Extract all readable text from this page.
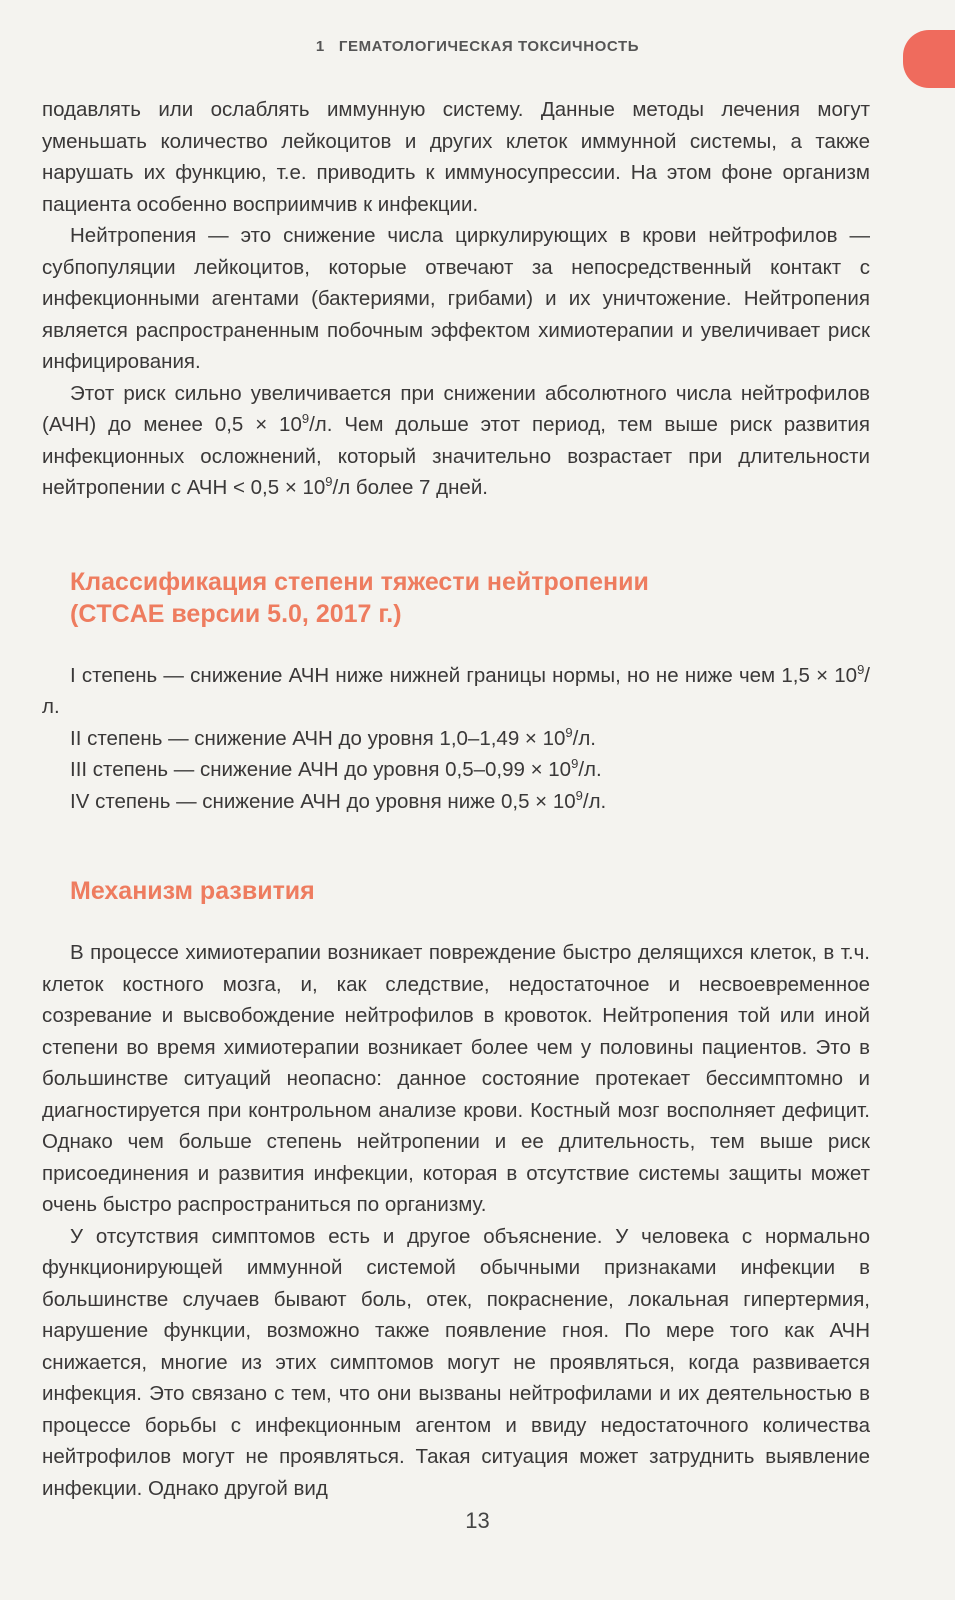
1 ГЕМАТОЛОГИЧЕСКАЯ ТОКСИЧНОСТЬ

подавлять или ослаблять иммунную систему. Данные методы лечения могут уменьшать количество лейкоцитов и других клеток иммунной системы, а также нарушать их функцию, т.е. приводить к иммуносупрессии. На этом фоне организм пациента особенно восприимчив к инфекции.

Нейтропения — это снижение числа циркулирующих в крови нейтрофилов — субпопуляции лейкоцитов, которые отвечают за непосредственный контакт с инфекционными агентами (бактериями, грибами) и их уничтожение. Нейтропения является распространенным побочным эффектом химиотерапии и увеличивает риск инфицирования.

Этот риск сильно увеличивается при снижении абсолютного числа нейтрофилов (АЧН) до менее $0,5 \times 10^9/л$. Чем дольше этот период, тем выше риск развития инфекционных осложнений, который значительно возрастает при длительности нейтропении с АЧН < $0,5 \times 10^9/л$ более 7 дней.

Классификация степени тяжести нейтропении
(CTCAE версии 5.0, 2017 г.)

I степень — снижение АЧН ниже нижней границы нормы, но не ниже чем $1,5 \times 10^9/л$.

II степень — снижение АЧН до уровня $1,0-1,49 \times 10^9/л$.

III степень — снижение АЧН до уровня $0,5-0,99 \times 10^9/л$.

IV степень — снижение АЧН до уровня ниже $0,5 \times 10^9/л$.

Механизм развития

В процессе химиотерапии возникает повреждение быстро делящихся клеток, в т.ч. клеток костного мозга, и, как следствие, недостаточное и несвоевременное созревание и высвобождение нейтрофилов в кровоток. Нейтропения той или иной степени во время химиотерапии возникает более чем у половины пациентов. Это в большинстве ситуаций неопасно: данное состояние протекает бессимптомно и диагностируется при контрольном анализе крови. Костный мозг восполняет дефицит. Однако чем больше степень нейтропении и ее длительность, тем выше риск присоединения и развития инфекции, которая в отсутствие системы защиты может очень быстро распространиться по организму.

У отсутствия симптомов есть и другое объяснение. У человека с нормально функционирующей иммунной системой обычными признаками инфекции в большинстве случаев бывают боль, отек, покраснение, локальная гипертермия, нарушение функции, возможно также появление гноя. По мере того как АЧН снижается, многие из этих симптомов могут не проявляться, когда развивается инфекция. Это связано с тем, что они вызваны нейтрофилами и их деятельностью в процессе борьбы с инфекционным агентом и ввиду недостаточного количества нейтрофилов могут не проявляться. Такая ситуация может затруднить выявление инфекции. Однако другой вид

13
